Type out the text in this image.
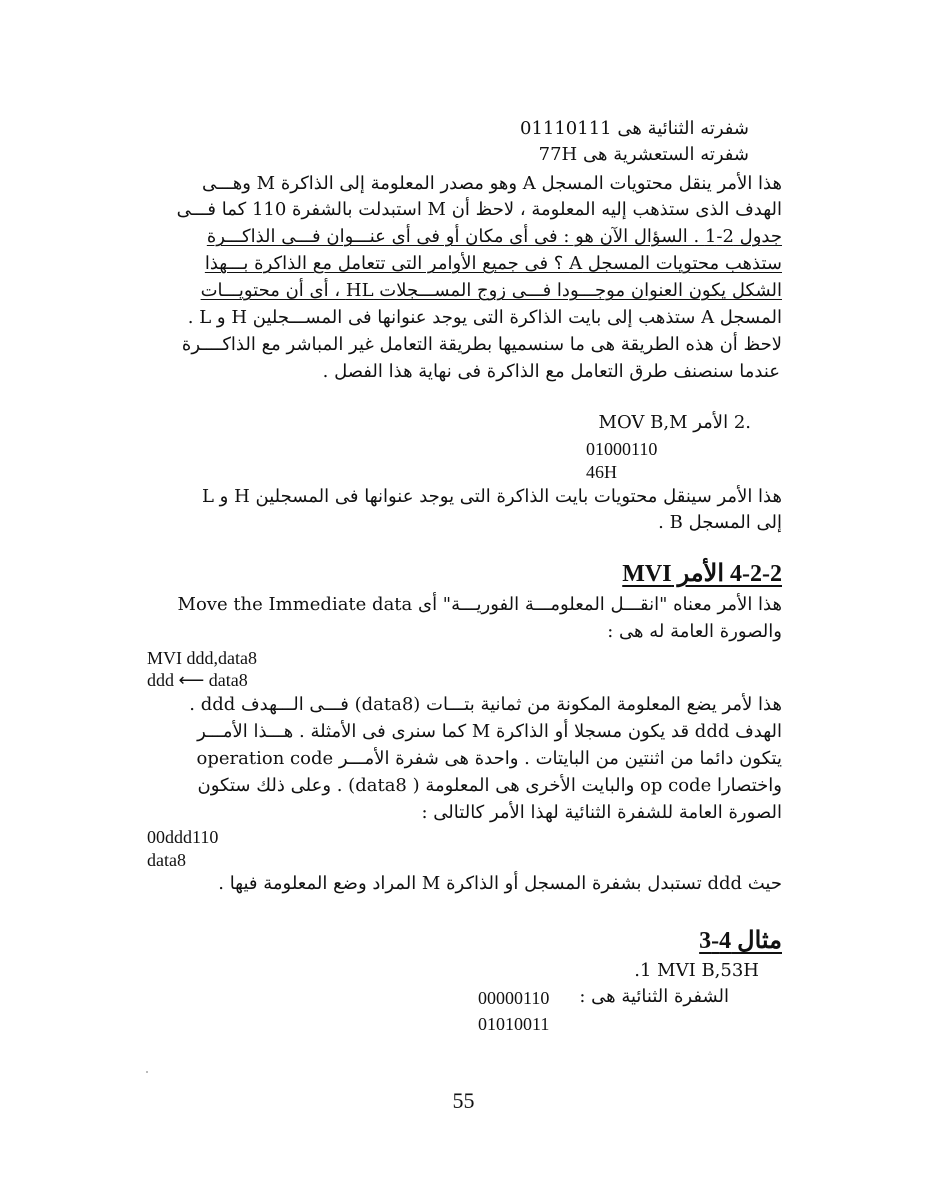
شفرته الثنائية هى 01110111
شفرته الستعشرية هى 77H
هذا الأمر ينقل محتويات المسجل A وهو مصدر المعلومة إلى الذاكرة M وهـــى
الهدف الذى ستذهب إليه المعلومة ، لاحظ أن M استبدلت بالشفرة 110 كما فـــى
جدول 2-1 . السؤال الآن هو : فى أى مكان أو فى أى عنـــوان فـــى الذاكـــرة
ستذهب محتويات المسجل A ؟ فى جميع الأوامر التى تتعامل مع الذاكرة بـــهذا
الشكل يكون العنوان موجـــودا فـــى زوج المســـجلات HL ، أى أن محتويـــات
المسجل A ستذهب إلى بايت الذاكرة التى يوجد عنوانها فى المســـجلين H و L .
لاحظ أن هذه الطريقة هى ما سنسميها بطريقة التعامل غير المباشر مع الذاكــــرة
عندما سنصنف طرق التعامل مع الذاكرة فى نهاية هذا الفصل .
.2 الأمر MOV B,M
01000110
46H
هذا الأمر سينقل محتويات بايت الذاكرة التى يوجد عنوانها فى المسجلين H و L
إلى المسجل B .
4-2-2 الأمر MVI
هذا الأمر معناه "انقـــل المعلومـــة الفوريـــة" أى Move the Immediate data
والصورة العامة له هى :
MVI ddd,data8
ddd ⟵ data8
هذا لأمر يضع المعلومة المكونة من ثمانية بتـــات (data8) فـــى الـــهدف ddd .
الهدف ddd قد يكون مسجلا أو الذاكرة M كما سنرى فى الأمثلة . هـــذا الأمـــر
يتكون دائما من اثنتين من البايتات . واحدة هى شفرة الأمـــر operation code
واختصارا op code والبايت الأخرى هى المعلومة ( data8) . وعلى ذلك ستكون
الصورة العامة للشفرة الثنائية لهذا الأمر كالتالى :
00ddd110
data8
حيث ddd تستبدل بشفرة المسجل أو الذاكرة M المراد وضع المعلومة فيها .
مثال 4-3
.1 MVI B,53H
الشفرة الثنائية هى :
00000110
01010011
55
